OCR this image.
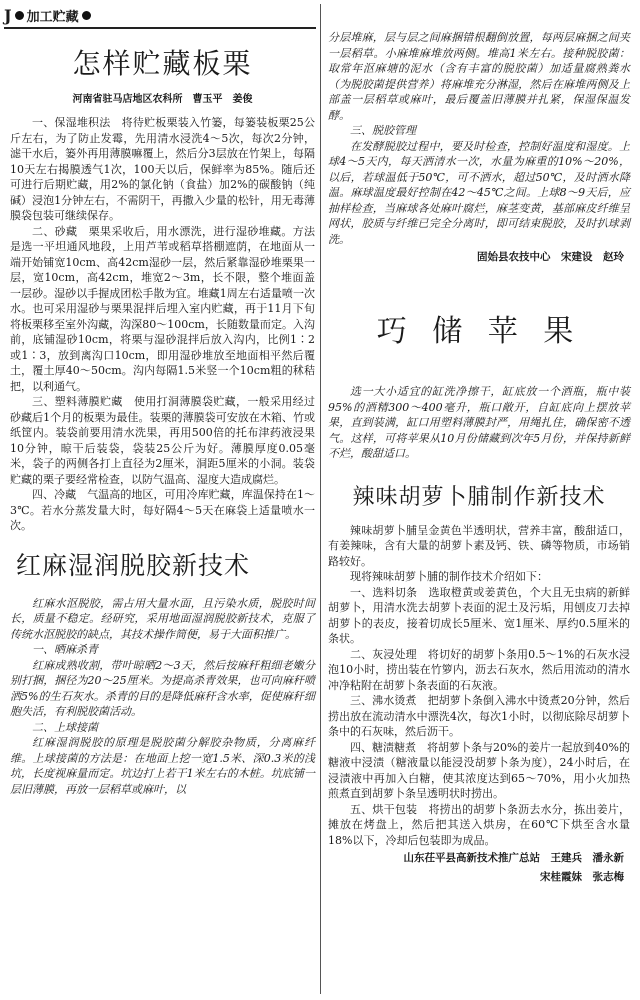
J 加工贮藏
怎样贮藏板栗
河南省驻马店地区农科所　曹玉平　姜俊

一、保湿堆积法　将待贮板栗装入竹篓，每篓装板栗25公斤左右，为了防止发霉，先用清水浸洗4～5次，每次2分钟，滤干水后，篓外再用薄膜嘛覆上，然后分3层放在竹架上，每隔10天左右揭膜透气1次，100天以后，保鲜率为85%。随后还可进行后期贮藏，用2%的氯化钠（食盐）加2%的碳酸钠（纯碱）浸泡1分钟左右，不需阴干，再撒入少量的松针，用无毒薄膜袋包装可继续保存。

二、砂藏　栗果采收后，用水漂洗，进行湿砂堆藏。方法是选一平坦通风地段，上用芦苇或稻草搭棚遮荫，在地面从一端开始铺宽10cm、高42cm湿砂一层，然后紧靠湿砂堆栗果一层，宽10cm，高42cm，堆宽2～3m，长不限，整个堆面盖一层砂。湿砂以手握成团松手散为宜。堆藏1周左右适量喷一次水。也可采用湿砂与栗果混拌后埋入室内贮藏，再于11月下旬将板栗移至室外沟藏，沟深80～100cm，长随数量而定。入沟前，底铺湿砂10cm，将栗与湿砂混拌后放入沟内，比例1∶2或1∶3，放到离沟口10cm，即用湿砂堆放至地面相平然后覆土，覆土厚40～50cm。沟内每隔1.5米竖一个10cm粗的秫秸把，以利通气。

三、塑料薄膜贮藏　使用打洞薄膜袋贮藏，一般采用经过砂藏后1个月的板栗为最佳。装栗的薄膜袋可安放在木箱、竹或纸筐内。装袋前要用清水洗果，再用500倍的托布津药液浸果10分钟，晾干后装袋，袋装25公斤为好。薄膜厚度0.05毫米，袋子的两侧各打上直径为2厘米，洞距5厘米的小洞。装袋贮藏的栗子要经常检查，以防气温高、湿度大造成腐烂。

四、冷藏　气温高的地区，可用冷库贮藏，库温保持在1～3℃。若水分蒸发量大时，每好隔4～5天在麻袋上适量喷水一次。

红麻湿润脱胶新技术

红麻水沤脱胶，需占用大量水面，且污染水质，脱胶时间长，质量不稳定。经研究，采用地面湿润脱胶新技术，克服了传统水沤脱胶的缺点，其技术操作简便，易于大面积推广。

一、晒麻杀青

红麻成熟收割，带叶晾晒2～3天，然后按麻秆粗细老嫩分别打捆，捆径为20～25厘米。为提高杀青效果，也可向麻秆喷洒5%的生石灰水。杀青的目的是降低麻秆含水率，促使麻秆细胞失活，有利脱胶菌活动。

二、上球接菌

红麻湿润脱胶的原理是脱胶菌分解胶杂物质，分离麻纤维。上球接菌的方法是：在地面上挖一宽1.5米、深0.3米的浅坑，长度视麻量而定。坑边打上若干1米左右的木桩。坑底铺一层旧薄膜，再放一层稻草或麻叶，以

分层堆麻，层与层之间麻捆错根翻倒放置，每两层麻捆之间夹一层稻草。小麻堆麻堆放两侧。堆高1米左右。接种脱胶菌：取常年沤麻塘的泥水（含有丰富的脱胶菌）加适量腐熟粪水（为脱胶菌提供营养）将麻堆充分淋湿，然后在麻堆两侧及上部盖一层稻草或麻叶，最后覆盖旧薄膜并扎紧，保湿保温发酵。

三、脱胶管理

在发酵脱胶过程中，要及时检查，控制好温度和湿度。上球4～5天内，每天洒清水一次，水量为麻重的10%～20%，以后，若球温低于50℃，可不洒水，超过50℃，及时洒水降温。麻球温度最好控制在42～45℃之间。上球8～9天后，应抽样检查，当麻球各处麻叶腐烂，麻茎变黄，基部麻皮纤维呈网状，胶质与纤维已完全分离时，即可结束脱胶，及时扒球剥洗。

固始县农技中心　宋建设　赵玲
巧 储 苹 果

选一大小适宜的缸洗净擦干，缸底放一个酒瓶，瓶中装95%的酒精300～400毫升，瓶口敞开，自缸底向上摆放苹果，直到装满，缸口用塑料薄膜封严，用绳扎住，确保密不透气。这样，可将苹果从10月份储藏到次年5月份，并保持新鲜不烂，酸甜适口。

辣味胡萝卜脯制作新技术

辣味胡萝卜脯呈金黄色半透明状，营养丰富，酸甜适口，有姜辣味，含有大量的胡萝卜素及钙、铁、磷等物质，市场销路较好。

现将辣味胡萝卜脯的制作技术介绍如下：

一、选料切条　选取橙黄或姜黄色，个大且无虫病的新鲜胡萝卜，用清水洗去胡萝卜表面的泥土及污垢，用刨皮刀去掉胡萝卜的表皮，接着切成长5厘米、宽1厘米、厚约0.5厘米的条状。

二、灰浸处理　将切好的胡萝卜条用0.5～1%的石灰水浸泡10小时，捞出装在竹箩内，沥去石灰水，然后用流动的清水冲净粘附在胡萝卜条表面的石灰液。

三、沸水烫煮　把胡萝卜条倒入沸水中烫煮20分钟，然后捞出放在流动清水中漂洗4次，每次1小时，以彻底除尽胡萝卜条中的石灰味，然后沥干。

四、糖渍糖煮　将胡萝卜条与20%的姜片一起放到40%的糖液中浸渍（糖液量以能浸没胡萝卜条为度），24小时后，在浸渍液中再加入白糖，使其浓度达到65～70%，用小火加热煎煮直到胡萝卜条呈透明状时捞出。

五、烘干包装　将捞出的胡萝卜条沥去水分，拣出姜片，摊放在烤盘上，然后把其送入烘房，在60℃下烘至含水量18%以下，冷却后包装即为成品。

山东茌平县高新技术推广总站　王建兵　潘永新
宋桂霞妹　张志梅
